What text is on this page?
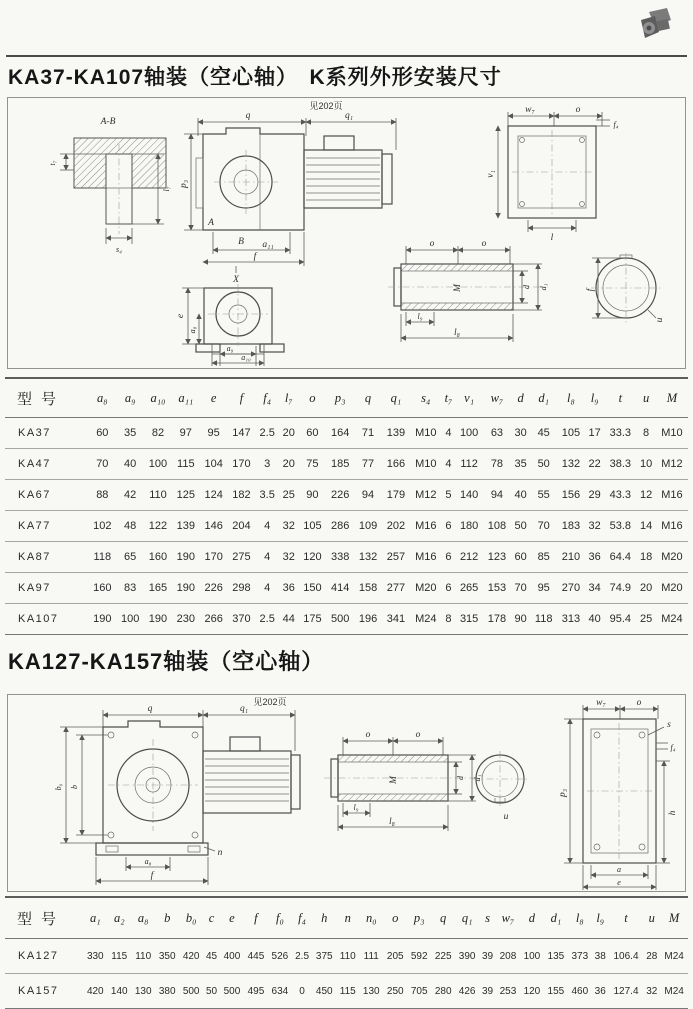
KA37-KA107轴装（空心轴）　K系列外形安装尺寸
A-B
t₇
l₇
s₄
见202页
q	q₁
p₃
A
B a₁₁
f
X
e
a₈
a₉
a₁₀
w₇	o
f₄
v₁
l
o	o
M	d d₁
l₉
l₈
f
u
型号	a₈	a₉	a₁₀	a₁₁	e	f	f₄	l₇	o	p₃	q	q₁	s₄	t₇	v₁	w₇	d	d₁	l₈	l₉	t	u	M
KA37	60	35	82	97	95	147	2.5	20	60	164	71	139	M10	4	100	63	30	45	105	17	33.3	8	M10
KA47	70	40	100	115	104	170	3	20	75	185	77	166	M10	4	112	78	35	50	132	22	38.3	10	M12
KA67	88	42	110	125	124	182	3.5	25	90	226	94	179	M12	5	140	94	40	55	156	29	43.3	12	M16
KA77	102	48	122	139	146	204	4	32	105	286	109	202	M16	6	180	108	50	70	183	32	53.8	14	M16
KA87	118	65	160	190	170	275	4	32	120	338	132	257	M16	6	212	123	60	85	210	36	64.4	18	M20
KA97	160	83	165	190	226	298	4	36	150	414	158	277	M20	6	265	153	70	95	270	34	74.9	20	M20
KA107	190	100	190	230	266	370	2.5	44	175	500	196	341	M24	8	315	178	90	118	313	40	95.4	25	M24
KA127-KA157轴装（空心轴）
见202页
q	q₁
b₀ b
a₈
f
n
o	o
M	d d₁
l₉
l₈	u
w₇	o
s
f₄
p₃
h
a
e
型号	a₁	a₂	a₈	b	b₀	c	e	f	f₀	f₄	h	n	n₀	o	p₃	q	q₁	s	w₇	d	d₁	l₈	l₉	t	u	M
KA127	330	115	110	350	420	45	400	445	526	2.5	375	110	111	205	592	225	390	39	208	100	135	373	38	106.4	28	M24
KA157	420	140	130	380	500	50	500	495	634	0	450	115	130	250	705	280	426	39	253	120	155	460	36	127.4	32	M24
